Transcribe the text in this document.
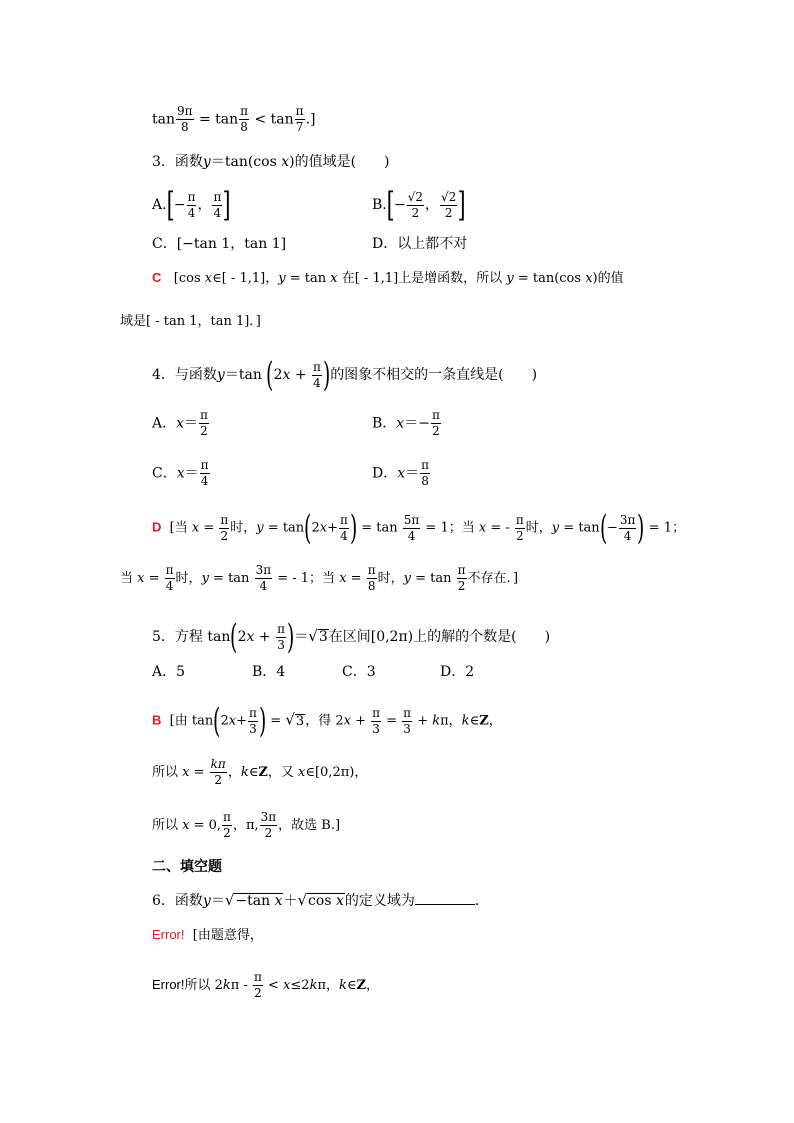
$\tan \frac{9\pi}{8} = \tan \frac{\pi}{8} < \tan \frac{\pi}{7}$ .]
3．函数y＝tan(cos x)的值域是(　　)
$A.[- \frac{\pi}{4}$ ， $\frac{\pi}{4}$ ]	$B.[- \frac{√2}{2}$ ， $\frac{√2}{2}$ ]
C．[−tan 1，tan 1]	D．以上都不对
C [cos x∈[ - 1,1]，y = tan x 在[ - 1,1]上是增函数，所以 y = tan(cos x)的值
域是[ - tan 1，tan 1]．]
4．与函数y＝tan ($2x + \frac{\pi}{4}$ )的图象不相交的一条直线是(　　)
A．$x= \frac{\pi}{2}$	B．$x=- \frac{\pi}{2}$
C．$x= \frac{\pi}{4}$	D．$x= \frac{\pi}{8}$
D [当 $x = \frac{\pi}{2}$ 时，$y = \tan(2x+ \frac{\pi}{4}$ ) = $\tan \frac{5\pi}{4} = 1$；当 x = - $\frac{\pi}{2}$ 时，$y = \tan(- \frac{3\pi}{4}$ ) = 1；
当 $x = \frac{\pi}{4}$ 时，$y = \tan \frac{3\pi}{4}$ = - 1；当 $x = \frac{\pi}{8}$ 时，$y = \tan \frac{\pi}{2}$ 不存在．]
5．方程 $\tan(2x + \frac{\pi}{3} )=√3$在区间[0,2π)上的解的个数是(　　)
A．5	B．4	C．3	D．2
B [由 $\tan(2x+ \frac{\pi}{3}$ ) = √3，得 $2x + \frac{\pi}{3} = \frac{\pi}{3} + k\pi$，k∈Z，
所以 $x = \frac{k\pi}{2}$ ，k∈Z，又 x∈[0,2π)，
所以 x = 0, $\frac{\pi}{2}$ ，π, $\frac{3\pi}{2}$ ，故选 B.]
二、填空题
6．函数y＝√−tan x＋√cos x的定义域为	．
Error! [由题意得，
Error!所以 $2k\pi - \frac{\pi}{2} < x\le 2k\pi$，k∈Z，
